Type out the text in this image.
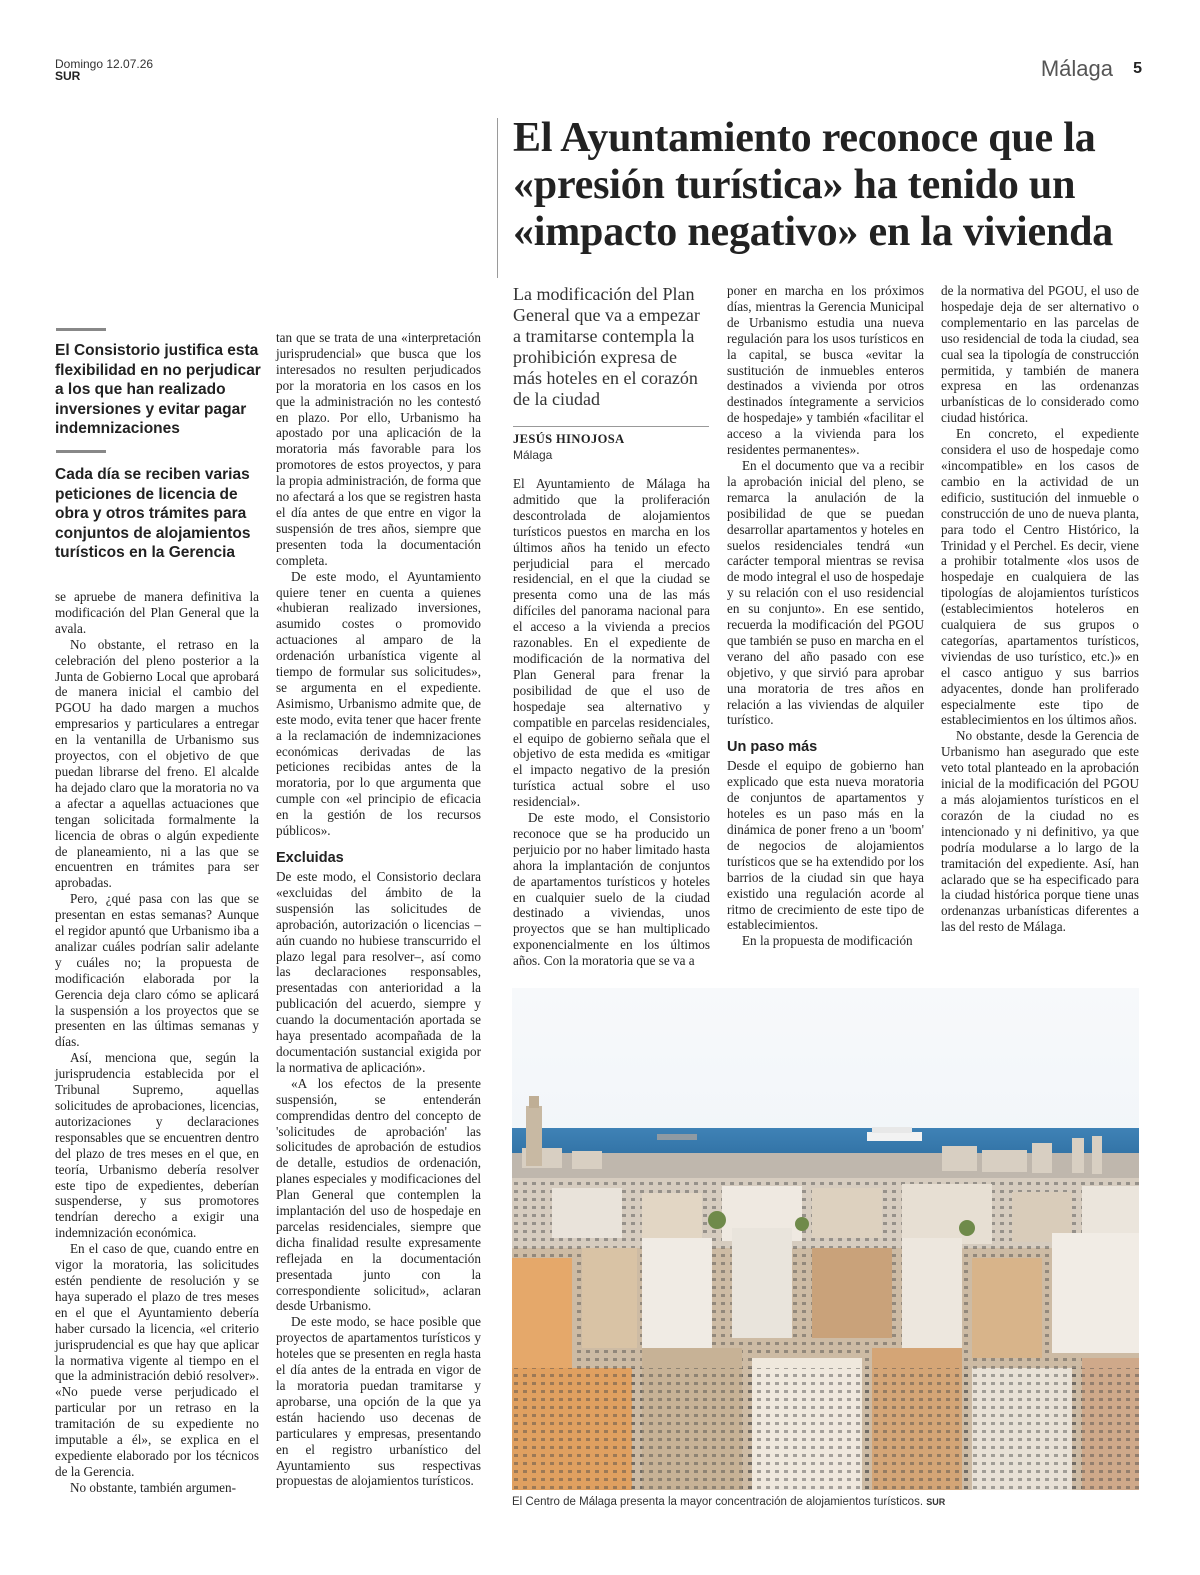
Domingo 12.07.26
SUR	Málaga 5
El Ayuntamiento reconoce que la «presión turística» ha tenido un «impacto negativo» en la vivienda
El Consistorio justifica esta flexibilidad en no perjudicar a los que han realizado inversiones y evitar pagar indemnizaciones
Cada día se reciben varias peticiones de licencia de obra y otros trámites para conjuntos de alojamientos turísticos en la Gerencia

se apruebe de manera definitiva la modificación del Plan General que la avala.

No obstante, el retraso en la celebración del pleno posterior a la Junta de Gobierno Local que aprobará de manera inicial el cambio del PGOU ha dado margen a muchos empresarios y particulares a entregar en la ventanilla de Urbanismo sus proyectos, con el objetivo de que puedan librarse del freno. El alcalde ha dejado claro que la moratoria no va a afectar a aquellas actuaciones que tengan solicitada formalmente la licencia de obras o algún expediente de planeamiento, ni a las que se encuentren en trámites para ser aprobadas.

Pero, ¿qué pasa con las que se presentan en estas semanas? Aunque el regidor apuntó que Urbanismo iba a analizar cuáles podrían salir adelante y cuáles no; la propuesta de modificación elaborada por la Gerencia deja claro cómo se aplicará la suspensión a los proyectos que se presenten en las últimas semanas y días.

Así, menciona que, según la jurisprudencia establecida por el Tribunal Supremo, aquellas solicitudes de aprobaciones, licencias, autorizaciones y declaraciones responsables que se encuentren dentro del plazo de tres meses en el que, en teoría, Urbanismo debería resolver este tipo de expedientes, deberían suspenderse, y sus promotores tendrían derecho a exigir una indemnización económica.

En el caso de que, cuando entre en vigor la moratoria, las solicitudes estén pendiente de resolución y se haya superado el plazo de tres meses en el que el Ayuntamiento debería haber cursado la licencia, «el criterio jurisprudencial es que hay que aplicar la normativa vigente al tiempo en el que la administración debió resolver». «No puede verse perjudicado el particular por un retraso en la tramitación de su expediente no imputable a él», se explica en el expediente elaborado por los técnicos de la Gerencia.

No obstante, también argumen-

tan que se trata de una «interpretación jurisprudencial» que busca que los interesados no resulten perjudicados por la moratoria en los casos en los que la administración no les contestó en plazo. Por ello, Urbanismo ha apostado por una aplicación de la moratoria más favorable para los promotores de estos proyectos, y para la propia administración, de forma que no afectará a los que se registren hasta el día antes de que entre en vigor la suspensión de tres años, siempre que presenten toda la documentación completa.

De este modo, el Ayuntamiento quiere tener en cuenta a quienes «hubieran realizado inversiones, asumido costes o promovido actuaciones al amparo de la ordenación urbanística vigente al tiempo de formular sus solicitudes», se argumenta en el expediente. Asimismo, Urbanismo admite que, de este modo, evita tener que hacer frente a la reclamación de indemnizaciones económicas derivadas de las peticiones recibidas antes de la moratoria, por lo que argumenta que cumple con «el principio de eficacia en la gestión de los recursos públicos».

Excluidas

De este modo, el Consistorio declara «excluidas del ámbito de la suspensión las solicitudes de aprobación, autorización o licencias –aún cuando no hubiese transcurrido el plazo legal para resolver–, así como las declaraciones responsables, presentadas con anterioridad a la publicación del acuerdo, siempre y cuando la documentación aportada se haya presentado acompañada de la documentación sustancial exigida por la normativa de aplicación».

«A los efectos de la presente suspensión, se entenderán comprendidas dentro del concepto de 'solicitudes de aprobación' las solicitudes de aprobación de estudios de detalle, estudios de ordenación, planes especiales y modificaciones del Plan General que contemplen la implantación del uso de hospedaje en parcelas residenciales, siempre que dicha finalidad resulte expresamente reflejada en la documentación presentada junto con la correspondiente solicitud», aclaran desde Urbanismo.

De este modo, se hace posible que proyectos de apartamentos turísticos y hoteles que se presenten en regla hasta el día antes de la entrada en vigor de la moratoria puedan tramitarse y aprobarse, una opción de la que ya están haciendo uso decenas de particulares y empresas, presentando en el registro urbanístico del Ayuntamiento sus respectivas propuestas de alojamientos turísticos.

La modificación del Plan General que va a empezar a tramitarse contempla la prohibición expresa de más hoteles en el corazón de la ciudad
JESÚS HINOJOSA
Málaga

El Ayuntamiento de Málaga ha admitido que la proliferación descontrolada de alojamientos turísticos puestos en marcha en los últimos años ha tenido un efecto perjudicial para el mercado residencial, en el que la ciudad se presenta como una de las más difíciles del panorama nacional para el acceso a la vivienda a precios razonables. En el expediente de modificación de la normativa del Plan General para frenar la posibilidad de que el uso de hospedaje sea alternativo y compatible en parcelas residenciales, el equipo de gobierno señala que el objetivo de esta medida es «mitigar el impacto negativo de la presión turística actual sobre el uso residencial».

De este modo, el Consistorio reconoce que se ha producido un perjuicio por no haber limitado hasta ahora la implantación de conjuntos de apartamentos turísticos y hoteles en cualquier suelo de la ciudad destinado a viviendas, unos proyectos que se han multiplicado exponencialmente en los últimos años. Con la moratoria que se va a

poner en marcha en los próximos días, mientras la Gerencia Municipal de Urbanismo estudia una nueva regulación para los usos turísticos en la capital, se busca «evitar la sustitución de inmuebles enteros destinados a vivienda por otros destinados íntegramente a servicios de hospedaje» y también «facilitar el acceso a la vivienda para los residentes permanentes».

En el documento que va a recibir la aprobación inicial del pleno, se remarca la anulación de la posibilidad de que se puedan desarrollar apartamentos y hoteles en suelos residenciales tendrá «un carácter temporal mientras se revisa de modo integral el uso de hospedaje y su relación con el uso residencial en su conjunto». En ese sentido, recuerda la modificación del PGOU que también se puso en marcha en el verano del año pasado con ese objetivo, y que sirvió para aprobar una moratoria de tres años en relación a las viviendas de alquiler turístico.

Un paso más

Desde el equipo de gobierno han explicado que esta nueva moratoria de conjuntos de apartamentos y hoteles es un paso más en la dinámica de poner freno a un 'boom' de negocios de alojamientos turísticos que se ha extendido por los barrios de la ciudad sin que haya existido una regulación acorde al ritmo de crecimiento de este tipo de establecimientos.

En la propuesta de modificación

de la normativa del PGOU, el uso de hospedaje deja de ser alternativo o complementario en las parcelas de uso residencial de toda la ciudad, sea cual sea la tipología de construcción permitida, y también de manera expresa en las ordenanzas urbanísticas de lo considerado como ciudad histórica.

En concreto, el expediente considera el uso de hospedaje como «incompatible» en los casos de cambio en la actividad de un edificio, sustitución del inmueble o construcción de uno de nueva planta, para todo el Centro Histórico, la Trinidad y el Perchel. Es decir, viene a prohibir totalmente «los usos de hospedaje en cualquiera de las tipologías de alojamientos turísticos (establecimientos hoteleros en cualquiera de sus grupos o categorías, apartamentos turísticos, viviendas de uso turístico, etc.)» en el casco antiguo y sus barrios adyacentes, donde han proliferado especialmente este tipo de establecimientos en los últimos años.

No obstante, desde la Gerencia de Urbanismo han asegurado que este veto total planteado en la aprobación inicial de la modificación del PGOU a más alojamientos turísticos en el corazón de la ciudad no es intencionado y ni definitivo, ya que podría modularse a lo largo de la tramitación del expediente. Así, han aclarado que se ha especificado para la ciudad histórica porque tiene unas ordenanzas urbanísticas diferentes a las del resto de Málaga.

El Centro de Málaga presenta la mayor concentración de alojamientos turísticos. SUR
